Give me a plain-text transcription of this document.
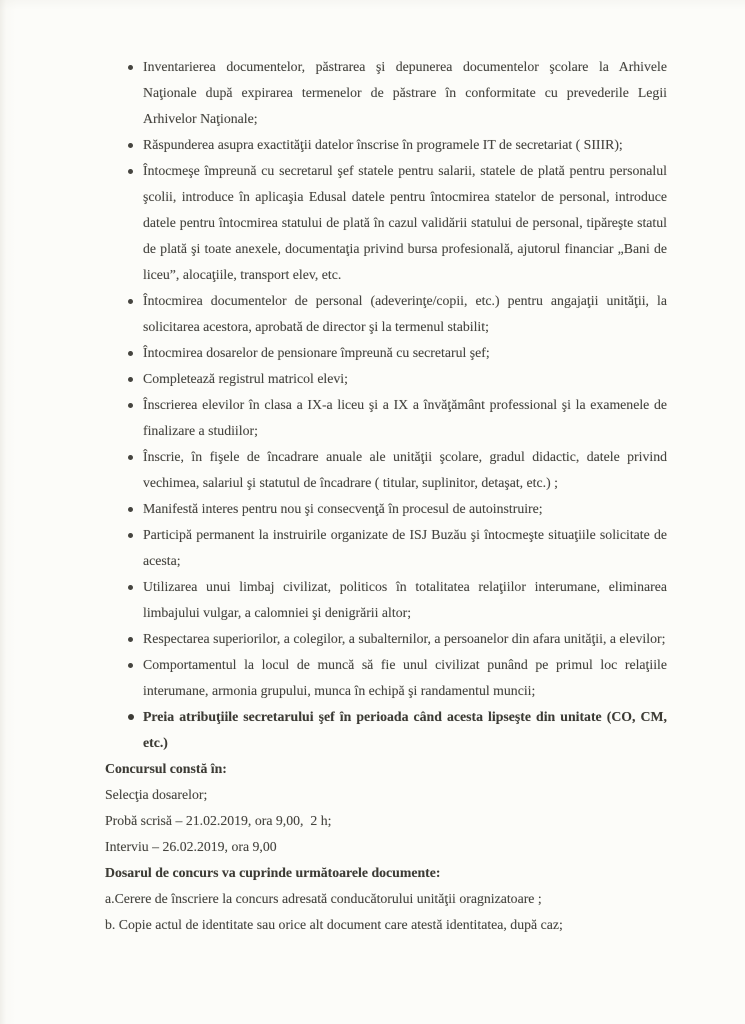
Inventarierea documentelor, păstrarea şi depunerea documentelor şcolare la Arhivele Naţionale după expirarea termenelor de păstrare în conformitate cu prevederile Legii Arhivelor Naţionale;
Răspunderea asupra exactităţii datelor înscrise în programele IT de secretariat ( SIIIR);
Întocmeşe împreună cu secretarul şef statele pentru salarii, statele de plată pentru personalul şcolii, introduce în aplicaşia Edusal datele pentru întocmirea statelor de personal, introduce datele pentru întocmirea statului de plată în cazul validării statului de personal, tipăreşte statul de plată şi toate anexele, documentaţia privind bursa profesională, ajutorul financiar „Bani de liceu”, alocaţiile, transport elev, etc.
Întocmirea documentelor de personal (adeverinţe/copii, etc.) pentru angajaţii unităţii, la solicitarea acestora, aprobată de director şi la termenul stabilit;
Întocmirea dosarelor de pensionare împreună cu secretarul şef;
Completează registrul matricol elevi;
Înscrierea elevilor în clasa a IX-a liceu şi a IX a învăţământ professional şi la examenele de finalizare a studiilor;
Înscrie, în fişele de încadrare anuale ale unităţii şcolare, gradul didactic, datele privind vechimea, salariul şi statutul de încadrare ( titular, suplinitor, detaşat, etc.) ;
Manifestă interes pentru nou şi consecvenţă în procesul de autoinstruire;
Participă permanent la instruirile organizate de ISJ Buzău şi întocmeşte situaţiile solicitate de acesta;
Utilizarea unui limbaj civilizat, politicos în totalitatea relaţiilor interumane, eliminarea limbajului vulgar, a calomniei şi denigrării altor;
Respectarea superiorilor, a colegilor, a subalternilor, a persoanelor din afara unităţii, a elevilor;
Comportamentul la locul de muncă să fie unul civilizat punând pe primul loc relaţiile interumane, armonia grupului, munca în echipă şi randamentul muncii;
Preia atribuţiile secretarului şef în perioada când acesta lipseşte din unitate (CO, CM, etc.)

Concursul constă în:

Selecţia dosarelor;

Probă scrisă – 21.02.2019, ora 9,00,  2 h;

Interviu – 26.02.2019, ora 9,00

Dosarul de concurs va cuprinde următoarele documente:

a.Cerere de înscriere la concurs adresată conducătorului unităţii oragnizatoare ;

b. Copie actul de identitate sau orice alt document care atestă identitatea, după caz;
